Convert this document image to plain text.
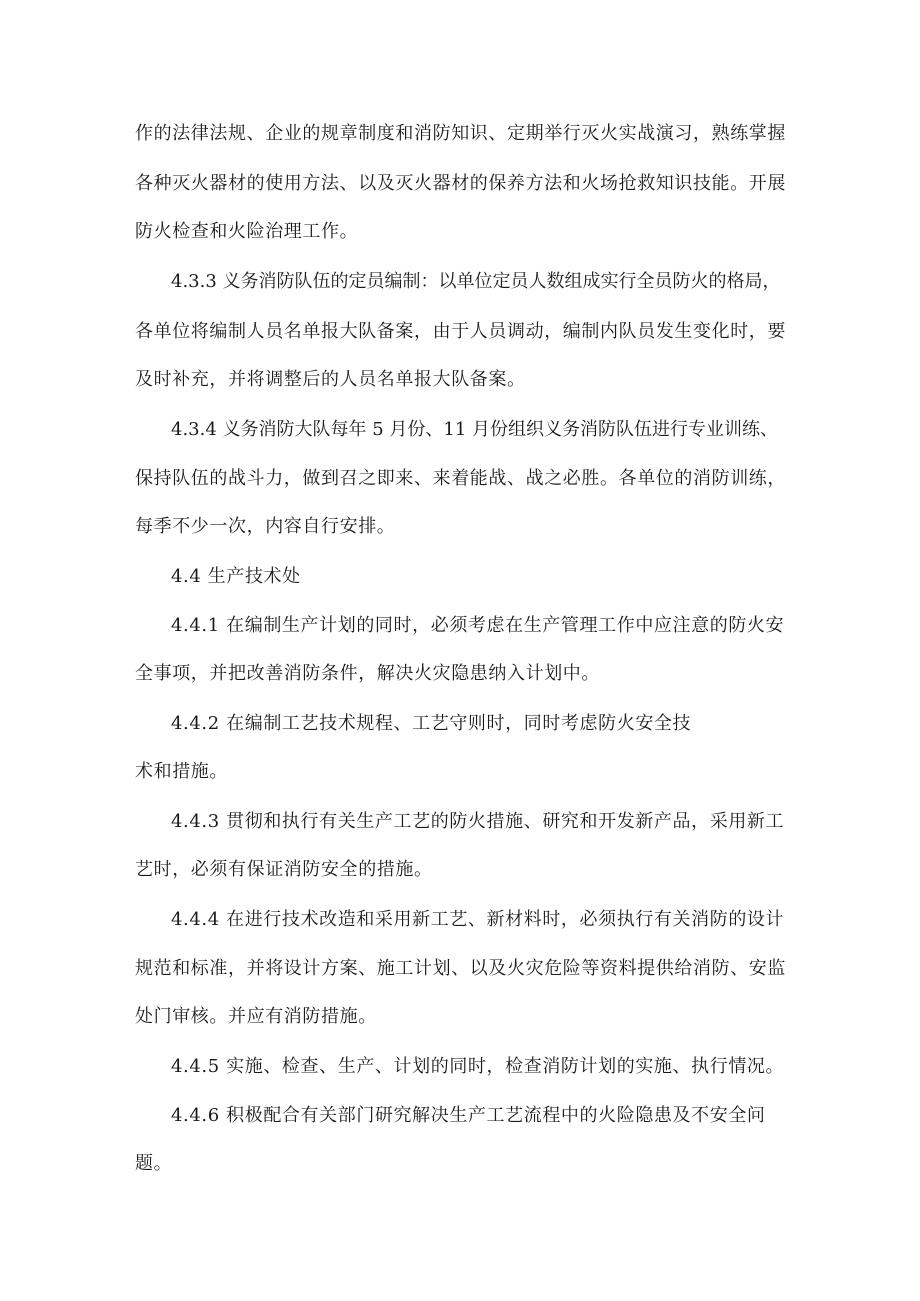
作的法律法规、企业的规章制度和消防知识、定期举行灭火实战演习，熟练掌握
各种灭火器材的使用方法、以及灭火器材的保养方法和火场抢救知识技能。开展
防火检查和火险治理工作。
4.3.3 义务消防队伍的定员编制：以单位定员人数组成实行全员防火的格局，
各单位将编制人员名单报大队备案，由于人员调动，编制内队员发生变化时，要
及时补充，并将调整后的人员名单报大队备案。
4.3.4 义务消防大队每年 5 月份、11 月份组织义务消防队伍进行专业训练、
保持队伍的战斗力，做到召之即来、来着能战、战之必胜。各单位的消防训练，
每季不少一次，内容自行安排。
4.4 生产技术处
4.4.1 在编制生产计划的同时，必须考虑在生产管理工作中应注意的防火安
全事项，并把改善消防条件，解决火灾隐患纳入计划中。
4.4.2 在编制工艺技术规程、工艺守则时，同时考虑防火安全技
术和措施。
4.4.3 贯彻和执行有关生产工艺的防火措施、研究和开发新产品，采用新工
艺时，必须有保证消防安全的措施。
4.4.4 在进行技术改造和采用新工艺、新材料时，必须执行有关消防的设计
规范和标准，并将设计方案、施工计划、以及火灾危险等资料提供给消防、安监
处门审核。并应有消防措施。
4.4.5 实施、检查、生产、计划的同时，检查消防计划的实施、执行情况。
4.4.6 积极配合有关部门研究解决生产工艺流程中的火险隐患及不安全问
题。
